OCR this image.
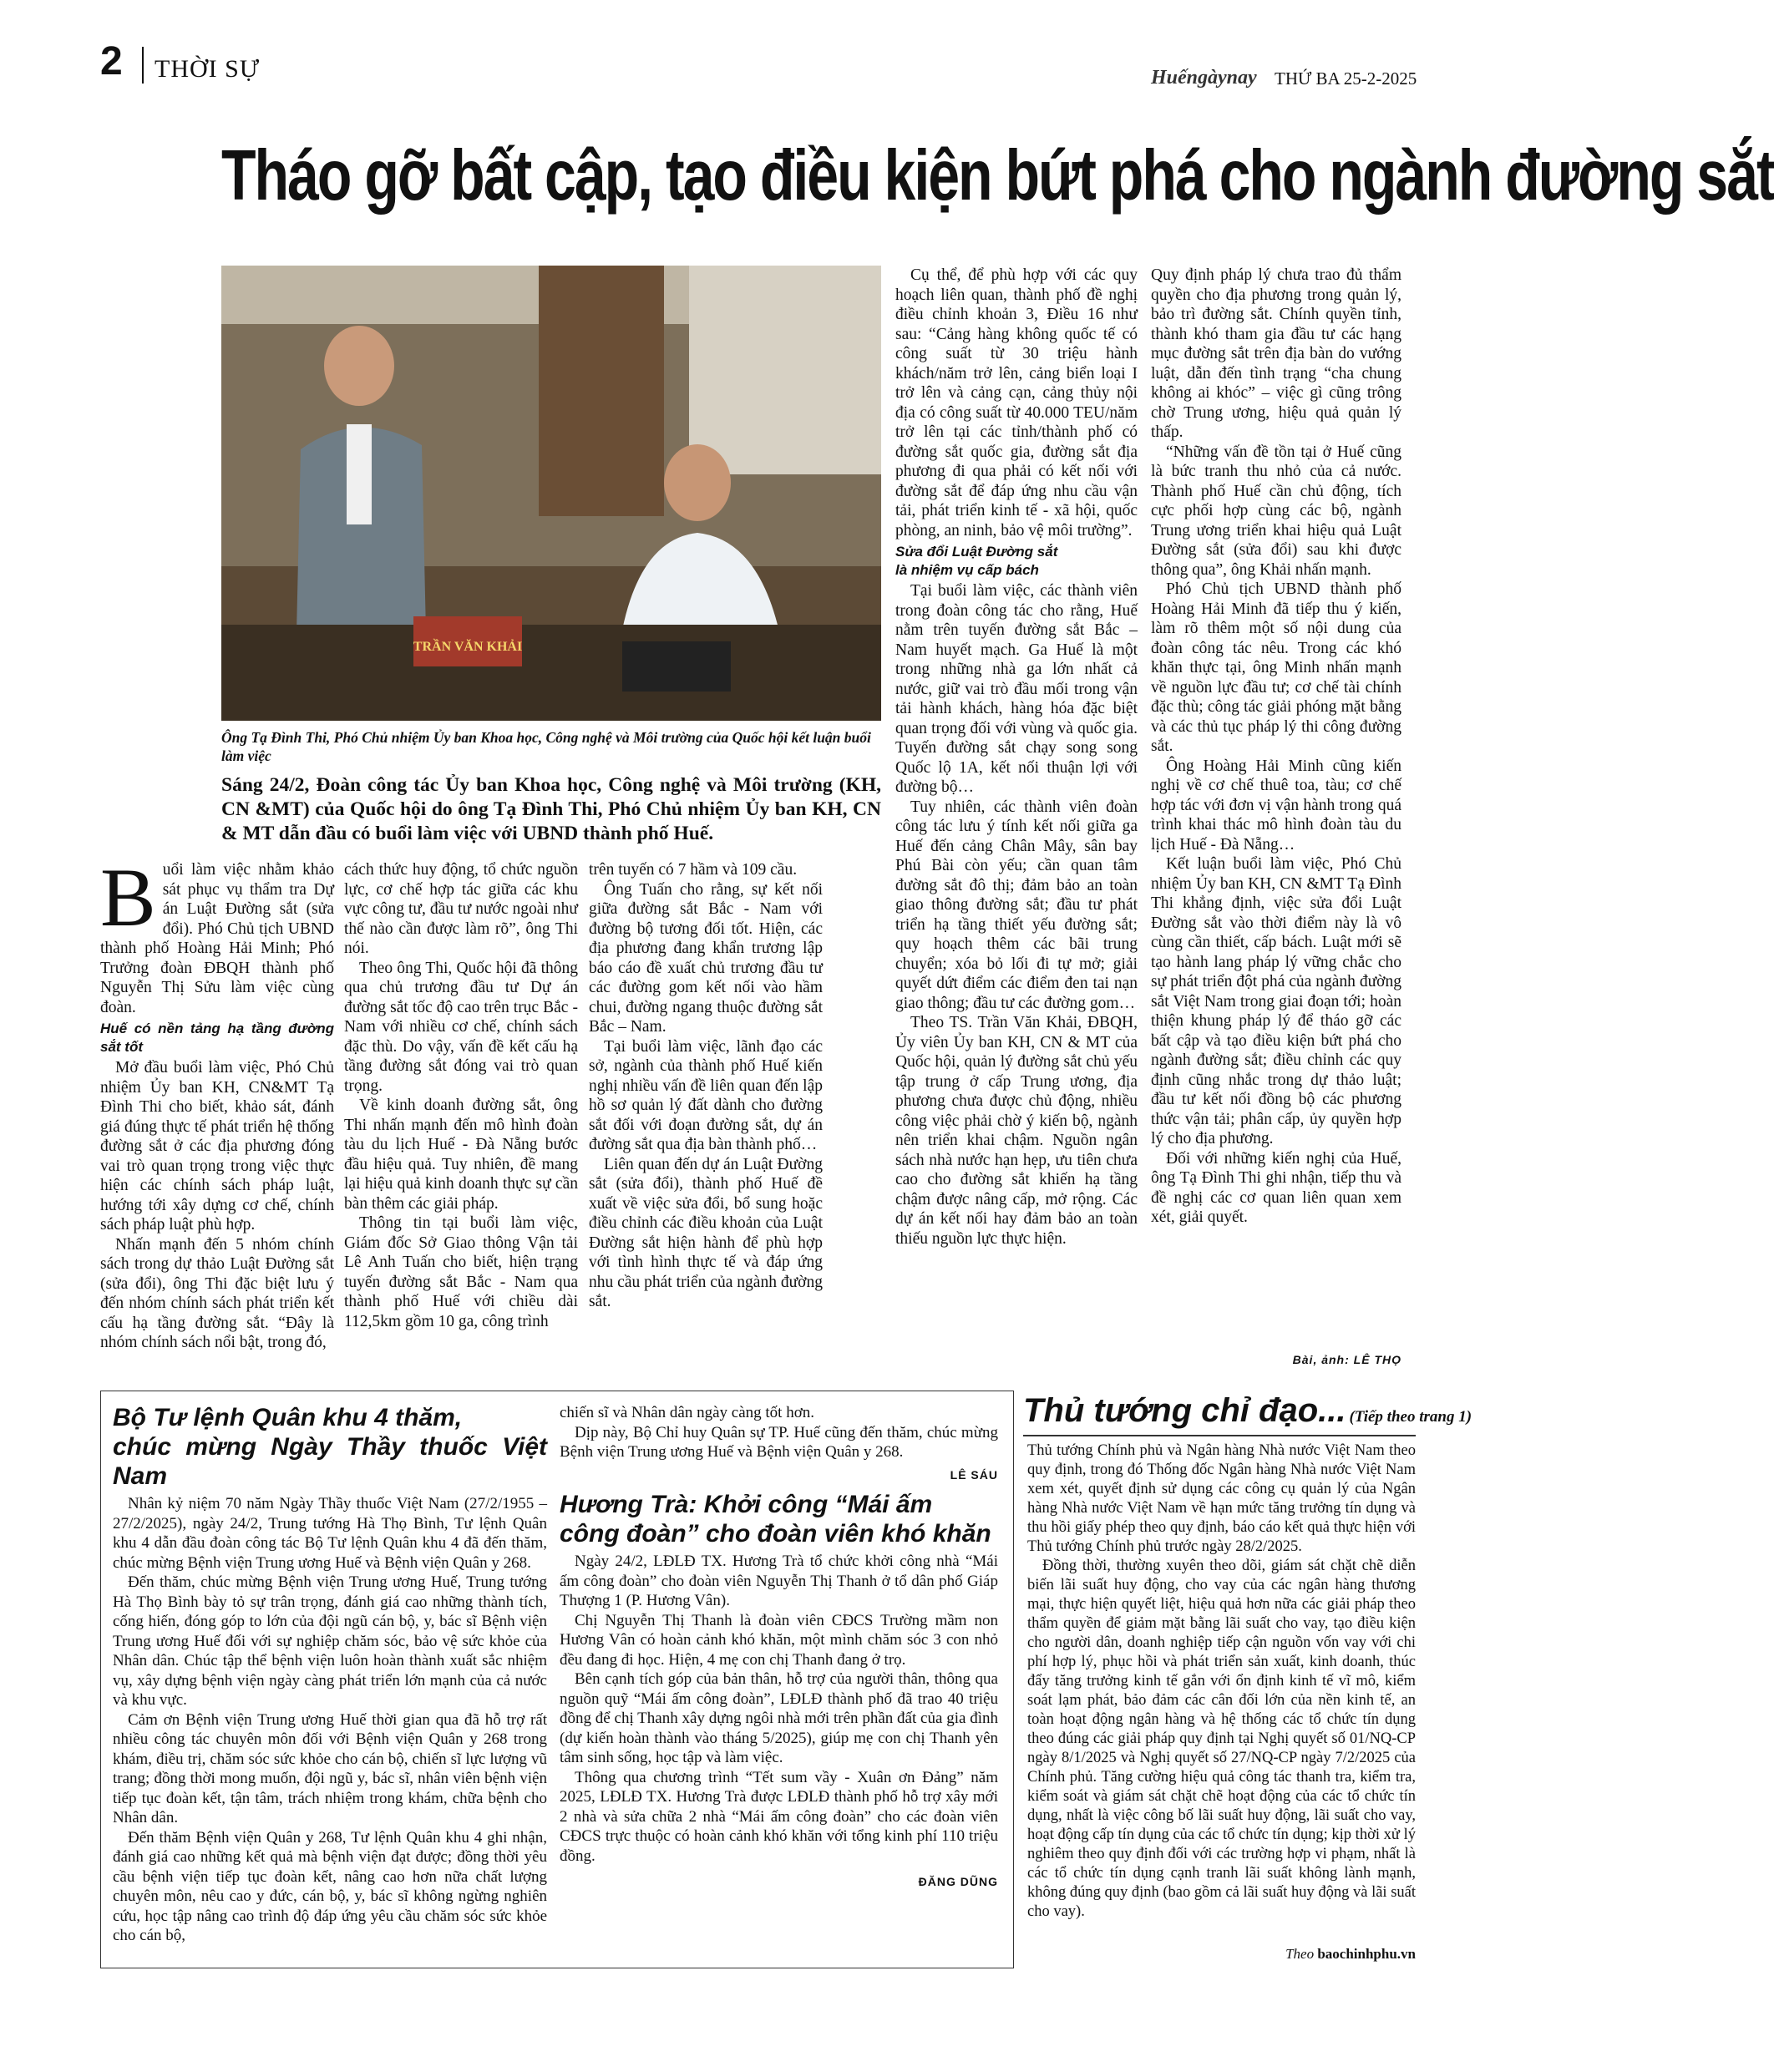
2 THỜI SỰ	Huếngàynay THỨ BA 25-2-2025
Tháo gỡ bất cập, tạo điều kiện bứt phá cho ngành đường sắt
TRẦN VĂN KHẢI
Ông Tạ Đình Thi, Phó Chủ nhiệm Ủy ban Khoa học, Công nghệ và Môi trường của Quốc hội kết luận buổi làm việc
Sáng 24/2, Đoàn công tác Ủy ban Khoa học, Công nghệ và Môi trường (KH, CN &MT) của Quốc hội do ông Tạ Đình Thi, Phó Chủ nhiệm Ủy ban KH, CN & MT dẫn đầu có buổi làm việc với UBND thành phố Huế.
B uổi làm việc nhằm khảo sát phục vụ thẩm tra Dự án Luật Đường sắt (sửa đổi). Phó Chủ tịch UBND thành phố Hoàng Hải Minh; Phó Trưởng đoàn ĐBQH thành phố Nguyễn Thị Sửu làm việc cùng đoàn.

Huế có nền tảng hạ tầng đường sắt tốt

Mở đầu buổi làm việc, Phó Chủ nhiệm Ủy ban KH, CN&MT Tạ Đình Thi cho biết, khảo sát, đánh giá đúng thực tế phát triển hệ thống đường sắt ở các địa phương đóng vai trò quan trọng trong việc thực hiện các chính sách pháp luật, hướng tới xây dựng cơ chế, chính sách pháp luật phù hợp.

Nhấn mạnh đến 5 nhóm chính sách trong dự thảo Luật Đường sắt (sửa đổi), ông Thi đặc biệt lưu ý đến nhóm chính sách phát triển kết cấu hạ tầng đường sắt. “Đây là nhóm chính sách nổi bật, trong đó,

cách thức huy động, tổ chức nguồn lực, cơ chế hợp tác giữa các khu vực công tư, đầu tư nước ngoài như thế nào cần được làm rõ”, ông Thi nói.

Theo ông Thi, Quốc hội đã thông qua chủ trương đầu tư Dự án đường sắt tốc độ cao trên trục Bắc - Nam với nhiều cơ chế, chính sách đặc thù. Do vậy, vấn đề kết cấu hạ tầng đường sắt đóng vai trò quan trọng.

Về kinh doanh đường sắt, ông Thi nhấn mạnh đến mô hình đoàn tàu du lịch Huế - Đà Nẵng bước đầu hiệu quả. Tuy nhiên, đề mang lại hiệu quả kinh doanh thực sự cần bàn thêm các giải pháp.

Thông tin tại buổi làm việc, Giám đốc Sở Giao thông Vận tải Lê Anh Tuấn cho biết, hiện trạng tuyến đường sắt Bắc - Nam qua thành phố Huế với chiều dài 112,5km gồm 10 ga, công trình

trên tuyến có 7 hầm và 109 cầu.

Ông Tuấn cho rằng, sự kết nối giữa đường sắt Bắc - Nam với đường bộ tương đối tốt. Hiện, các địa phương đang khẩn trương lập báo cáo đề xuất chủ trương đầu tư các đường gom kết nối vào hầm chui, đường ngang thuộc đường sắt Bắc – Nam.

Tại buổi làm việc, lãnh đạo các sở, ngành của thành phố Huế kiến nghị nhiều vấn đề liên quan đến lập hồ sơ quản lý đất dành cho đường sắt đối với đoạn đường sắt, dự án đường sắt qua địa bàn thành phố…

Liên quan đến dự án Luật Đường sắt (sửa đổi), thành phố Huế đề xuất về việc sửa đổi, bổ sung hoặc điều chỉnh các điều khoản của Luật Đường sắt hiện hành để phù hợp với tình hình thực tế và đáp ứng nhu cầu phát triển của ngành đường sắt.

Cụ thể, để phù hợp với các quy hoạch liên quan, thành phố đề nghị điều chỉnh khoản 3, Điều 16 như sau: “Cảng hàng không quốc tế có công suất từ 30 triệu hành khách/năm trở lên, cảng biển loại I trở lên và cảng cạn, cảng thủy nội địa có công suất từ 40.000 TEU/năm trở lên tại các tỉnh/thành phố có đường sắt quốc gia, đường sắt địa phương đi qua phải có kết nối với đường sắt để đáp ứng nhu cầu vận tải, phát triển kinh tế - xã hội, quốc phòng, an ninh, bảo vệ môi trường”.

Sửa đổi Luật Đường sắt
là nhiệm vụ cấp bách

Tại buổi làm việc, các thành viên trong đoàn công tác cho rằng, Huế nằm trên tuyến đường sắt Bắc – Nam huyết mạch. Ga Huế là một trong những nhà ga lớn nhất cả nước, giữ vai trò đầu mối trong vận tải hành khách, hàng hóa đặc biệt quan trọng đối với vùng và quốc gia. Tuyến đường sắt chạy song song Quốc lộ 1A, kết nối thuận lợi với đường bộ…

Tuy nhiên, các thành viên đoàn công tác lưu ý tính kết nối giữa ga Huế đến cảng Chân Mây, sân bay Phú Bài còn yếu; cần quan tâm đường sắt đô thị; đảm bảo an toàn giao thông đường sắt; đầu tư phát triển hạ tầng thiết yếu đường sắt; quy hoạch thêm các bãi trung chuyển; xóa bỏ lối đi tự mở; giải quyết dứt điểm các điểm đen tai nạn giao thông; đầu tư các đường gom…

Theo TS. Trần Văn Khải, ĐBQH, Ủy viên Ủy ban KH, CN & MT của Quốc hội, quản lý đường sắt chủ yếu tập trung ở cấp Trung ương, địa phương chưa được chủ động, nhiều công việc phải chờ ý kiến bộ, ngành nên triển khai chậm. Nguồn ngân sách nhà nước hạn hẹp, ưu tiên chưa cao cho đường sắt khiến hạ tầng chậm được nâng cấp, mở rộng. Các dự án kết nối hay đảm bảo an toàn thiếu nguồn lực thực hiện.

Quy định pháp lý chưa trao đủ thẩm quyền cho địa phương trong quản lý, bảo trì đường sắt. Chính quyền tỉnh, thành khó tham gia đầu tư các hạng mục đường sắt trên địa bàn do vướng luật, dẫn đến tình trạng “cha chung không ai khóc” – việc gì cũng trông chờ Trung ương, hiệu quả quản lý thấp.

“Những vấn đề tồn tại ở Huế cũng là bức tranh thu nhỏ của cả nước. Thành phố Huế cần chủ động, tích cực phối hợp cùng các bộ, ngành Trung ương triển khai hiệu quả Luật Đường sắt (sửa đổi) sau khi được thông qua”, ông Khải nhấn mạnh.

Phó Chủ tịch UBND thành phố Hoàng Hải Minh đã tiếp thu ý kiến, làm rõ thêm một số nội dung của đoàn công tác nêu. Trong các khó khăn thực tại, ông Minh nhấn mạnh về nguồn lực đầu tư; cơ chế tài chính đặc thù; công tác giải phóng mặt bằng và các thủ tục pháp lý thi công đường sắt.

Ông Hoàng Hải Minh cũng kiến nghị về cơ chế thuê toa, tàu; cơ chế hợp tác với đơn vị vận hành trong quá trình khai thác mô hình đoàn tàu du lịch Huế - Đà Nẵng…

Kết luận buổi làm việc, Phó Chủ nhiệm Ủy ban KH, CN &MT Tạ Đình Thi khẳng định, việc sửa đổi Luật Đường sắt vào thời điểm này là vô cùng cần thiết, cấp bách. Luật mới sẽ tạo hành lang pháp lý vững chắc cho sự phát triển đột phá của ngành đường sắt Việt Nam trong giai đoạn tới; hoàn thiện khung pháp lý để tháo gỡ các bất cập và tạo điều kiện bứt phá cho ngành đường sắt; điều chỉnh các quy định cũng nhắc trong dự thảo luật; đầu tư kết nối đồng bộ các phương thức vận tải; phân cấp, ủy quyền hợp lý cho địa phương.

Đối với những kiến nghị của Huế, ông Tạ Đình Thi ghi nhận, tiếp thu và đề nghị các cơ quan liên quan xem xét, giải quyết.

Bài, ảnh: LÊ THỌ
Bộ Tư lệnh Quân khu 4 thăm,
chúc mừng Ngày Thầy thuốc Việt Nam

Nhân kỷ niệm 70 năm Ngày Thầy thuốc Việt Nam (27/2/1955 – 27/2/2025), ngày 24/2, Trung tướng Hà Thọ Bình, Tư lệnh Quân khu 4 dẫn đầu đoàn công tác Bộ Tư lệnh Quân khu 4 đã đến thăm, chúc mừng Bệnh viện Trung ương Huế và Bệnh viện Quân y 268.

Đến thăm, chúc mừng Bệnh viện Trung ương Huế, Trung tướng Hà Thọ Bình bày tỏ sự trân trọng, đánh giá cao những thành tích, cống hiến, đóng góp to lớn của đội ngũ cán bộ, y, bác sĩ Bệnh viện Trung ương Huế đối với sự nghiệp chăm sóc, bảo vệ sức khỏe của Nhân dân. Chúc tập thể bệnh viện luôn hoàn thành xuất sắc nhiệm vụ, xây dựng bệnh viện ngày càng phát triển lớn mạnh của cả nước và khu vực.

Cảm ơn Bệnh viện Trung ương Huế thời gian qua đã hỗ trợ rất nhiều công tác chuyên môn đối với Bệnh viện Quân y 268 trong khám, điều trị, chăm sóc sức khỏe cho cán bộ, chiến sĩ lực lượng vũ trang; đồng thời mong muốn, đội ngũ y, bác sĩ, nhân viên bệnh viện tiếp tục đoàn kết, tận tâm, trách nhiệm trong khám, chữa bệnh cho Nhân dân.

Đến thăm Bệnh viện Quân y 268, Tư lệnh Quân khu 4 ghi nhận, đánh giá cao những kết quả mà bệnh viện đạt được; đồng thời yêu cầu bệnh viện tiếp tục đoàn kết, nâng cao hơn nữa chất lượng chuyên môn, nêu cao y đức, cán bộ, y, bác sĩ không ngừng nghiên cứu, học tập nâng cao trình độ đáp ứng yêu cầu chăm sóc sức khỏe cho cán bộ,

chiến sĩ và Nhân dân ngày càng tốt hơn.

Dịp này, Bộ Chỉ huy Quân sự TP. Huế cũng đến thăm, chúc mừng Bệnh viện Trung ương Huế và Bệnh viện Quân y 268.

LÊ SÁU
Hương Trà: Khởi công “Mái ấm
công đoàn” cho đoàn viên khó khăn

Ngày 24/2, LĐLĐ TX. Hương Trà tổ chức khởi công nhà “Mái ấm công đoàn” cho đoàn viên Nguyễn Thị Thanh ở tổ dân phố Giáp Thượng 1 (P. Hương Vân).

Chị Nguyễn Thị Thanh là đoàn viên CĐCS Trường mầm non Hương Vân có hoàn cảnh khó khăn, một mình chăm sóc 3 con nhỏ đều đang đi học. Hiện, 4 mẹ con chị Thanh đang ở trọ.

Bên cạnh tích góp của bản thân, hỗ trợ của người thân, thông qua nguồn quỹ “Mái ấm công đoàn”, LĐLĐ thành phố đã trao 40 triệu đồng để chị Thanh xây dựng ngôi nhà mới trên phần đất của gia đình (dự kiến hoàn thành vào tháng 5/2025), giúp mẹ con chị Thanh yên tâm sinh sống, học tập và làm việc.

Thông qua chương trình “Tết sum vầy - Xuân ơn Đảng” năm 2025, LĐLĐ TX. Hương Trà được LĐLĐ thành phố hỗ trợ xây mới 2 nhà và sửa chữa 2 nhà “Mái ấm công đoàn” cho các đoàn viên CĐCS trực thuộc có hoàn cảnh khó khăn với tổng kinh phí 110 triệu đồng.

ĐĂNG DŨNG
Thủ tướng chỉ đạo... (Tiếp theo trang 1)

Thủ tướng Chính phủ và Ngân hàng Nhà nước Việt Nam theo quy định, trong đó Thống đốc Ngân hàng Nhà nước Việt Nam xem xét, quyết định sử dụng các công cụ quản lý của Ngân hàng Nhà nước Việt Nam về hạn mức tăng trưởng tín dụng và thu hồi giấy phép theo quy định, báo cáo kết quả thực hiện với Thủ tướng Chính phủ trước ngày 28/2/2025.

Đồng thời, thường xuyên theo dõi, giám sát chặt chẽ diễn biến lãi suất huy động, cho vay của các ngân hàng thương mại, thực hiện quyết liệt, hiệu quả hơn nữa các giải pháp theo thẩm quyền để giảm mặt bằng lãi suất cho vay, tạo điều kiện cho người dân, doanh nghiệp tiếp cận nguồn vốn vay với chi phí hợp lý, phục hồi và phát triển sản xuất, kinh doanh, thúc đẩy tăng trưởng kinh tế gắn với ổn định kinh tế vĩ mô, kiểm soát lạm phát, bảo đảm các cân đối lớn của nền kinh tế, an toàn hoạt động ngân hàng và hệ thống các tổ chức tín dụng theo đúng các giải pháp quy định tại Nghị quyết số 01/NQ-CP ngày 8/1/2025 và Nghị quyết số 27/NQ-CP ngày 7/2/2025 của Chính phủ. Tăng cường hiệu quả công tác thanh tra, kiểm tra, kiểm soát và giám sát chặt chẽ hoạt động của các tổ chức tín dụng, nhất là việc công bố lãi suất huy động, lãi suất cho vay, hoạt động cấp tín dụng của các tổ chức tín dụng; kịp thời xử lý nghiêm theo quy định đối với các trường hợp vi phạm, nhất là các tổ chức tín dụng cạnh tranh lãi suất không lành mạnh, không đúng quy định (bao gồm cả lãi suất huy động và lãi suất cho vay).

Theo baochinhphu.vn
